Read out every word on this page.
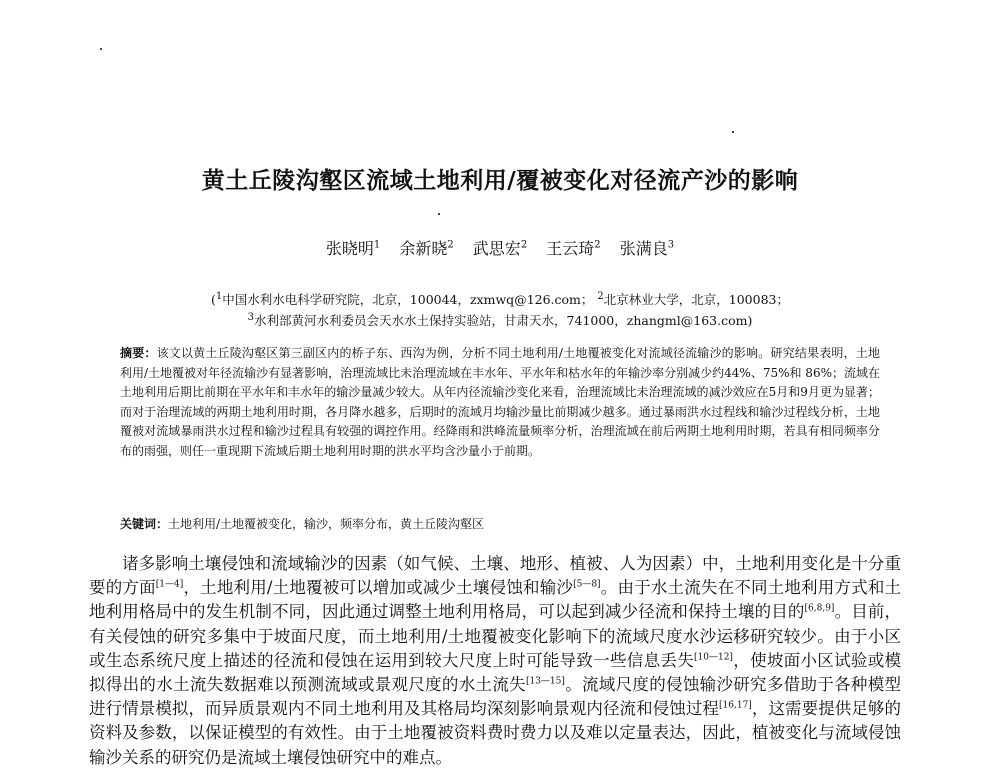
黄土丘陵沟壑区流域土地利用/覆被变化对径流产沙的影响
张晓明$^1$ 余新晓$^2$ 武思宏$^2$ 王云琦$^2$ 张满良$^3$
($^1$中国水利水电科学研究院，北京，100044，zxmwq@126.com； $^2$北京林业大学，北京，100083；
$^3$水利部黄河水利委员会天水水土保持实验站，甘肃天水，741000，zhangml@163.com)
摘要：该文以黄土丘陵沟壑区第三副区内的桥子东、西沟为例，分析不同土地利用/土地覆被变化对流域径流输沙的影响。研究结果表明，土地利用/土地覆被对年径流输沙有显著影响，治理流域比未治理流域在丰水年、平水年和枯水年的年输沙率分别减少约44%、75%和 86%；流域在土地利用后期比前期在平水年和丰水年的输沙量减少较大。从年内径流输沙变化来看，治理流域比未治理流域的减沙效应在5月和9月更为显著；而对于治理流域的两期土地利用时期，各月降水越多，后期时的流域月均输沙量比前期减少越多。通过暴雨洪水过程线和输沙过程线分析，土地覆被对流域暴雨洪水过程和输沙过程具有较强的调控作用。经降雨和洪峰流量频率分析，治理流域在前后两期土地利用时期，若具有相同频率分布的雨强，则任一重现期下流域后期土地利用时期的洪水平均含沙量小于前期。
关键词：土地利用/土地覆被变化，输沙，频率分布，黄土丘陵沟壑区
诸多影响土壤侵蚀和流域输沙的因素（如气候、土壤、地形、植被、人为因素）中，土地利用变化是十分重要的方面[1—4]，土地利用/土地覆被可以增加或减少土壤侵蚀和输沙[5—8]。由于水土流失在不同土地利用方式和土地利用格局中的发生机制不同，因此通过调整土地利用格局，可以起到减少径流和保持土壤的目的[6,8,9]。目前，有关侵蚀的研究多集中于坡面尺度，而土地利用/土地覆被变化影响下的流域尺度水沙运移研究较少。由于小区或生态系统尺度上描述的径流和侵蚀在运用到较大尺度上时可能导致一些信息丢失[10—12]，使坡面小区试验或模拟得出的水土流失数据难以预测流域或景观尺度的水土流失[13—15]。流域尺度的侵蚀输沙研究多借助于各种模型进行情景模拟，而异质景观内不同土地利用及其格局均深刻影响景观内径流和侵蚀过程[16,17]，这需要提供足够的资料及参数，以保证模型的有效性。由于土地覆被资料费时费力以及难以定量表达，因此，植被变化与流域侵蚀输沙关系的研究仍是流域土壤侵蚀研究中的难点。
